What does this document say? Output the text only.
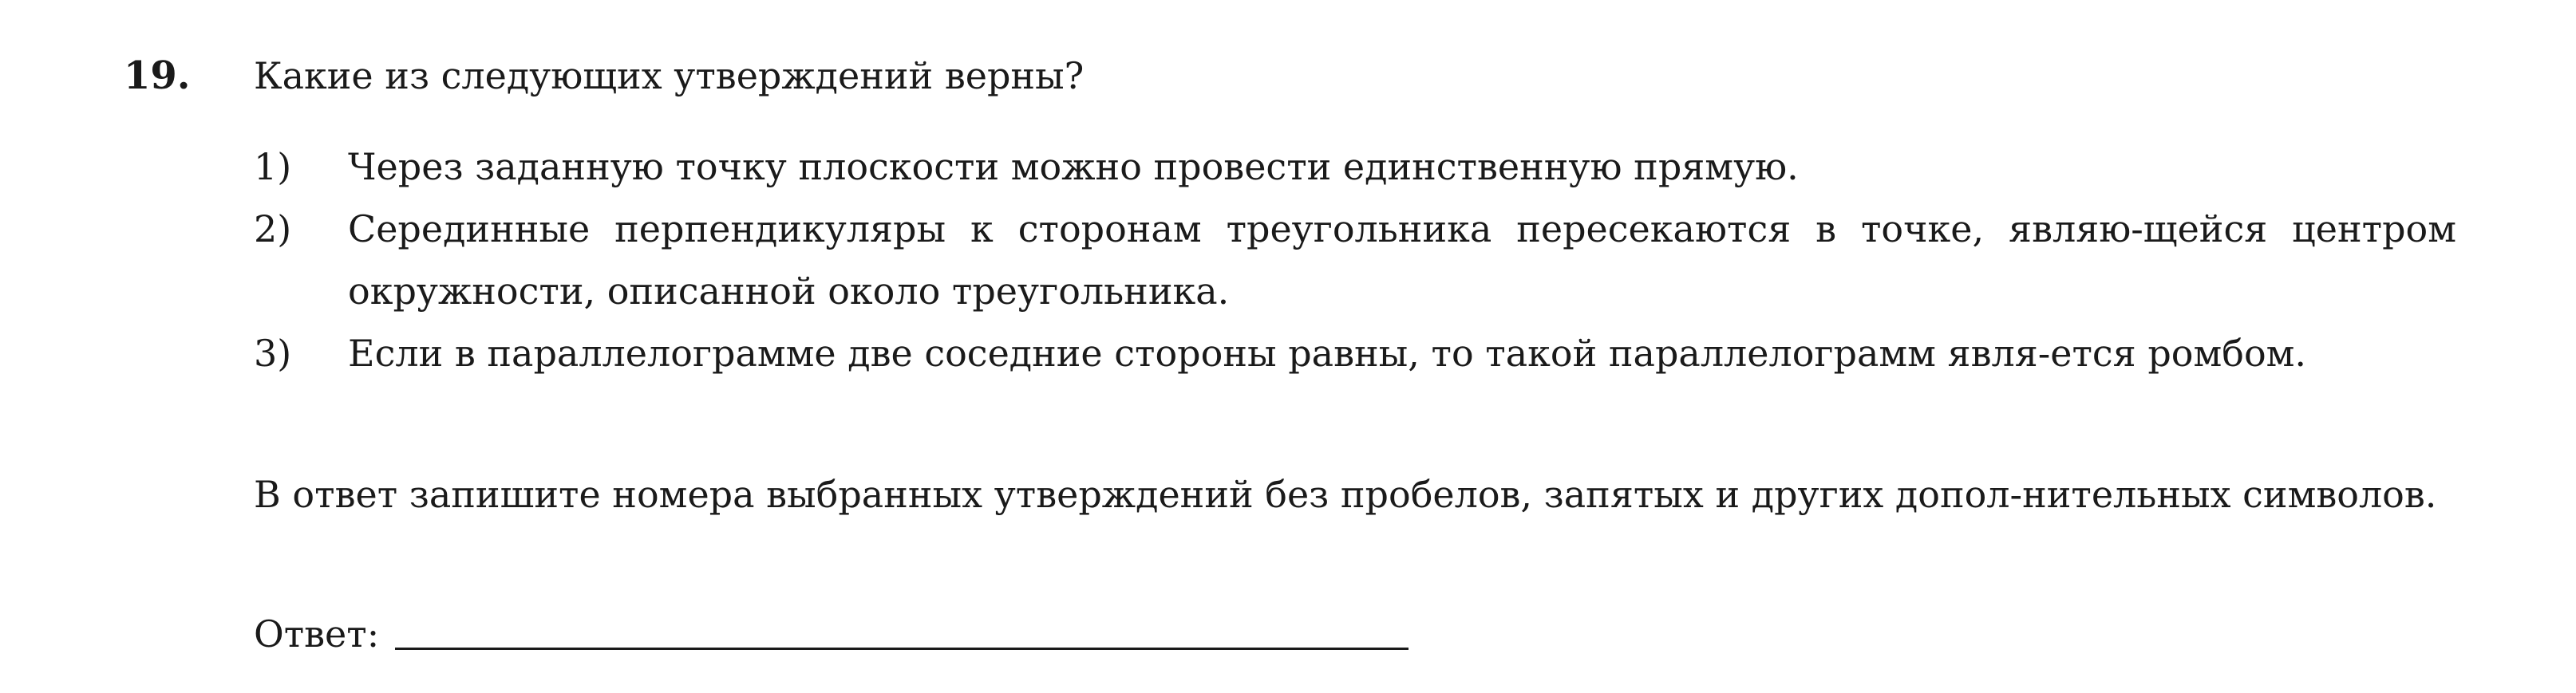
19. Какие из следующих утверждений верны?
1)	Через заданную точку плоскости можно провести единственную прямую.
2)	Серединные перпендикуляры к сторонам треугольника пересекаются в точке, являю-щейся центром окружности, описанной около треугольника.
3)	Если в параллелограмме две соседние стороны равны, то такой параллелограмм явля-ется ромбом.
В ответ запишите номера выбранных утверждений без пробелов, запятых и других допол-нительных символов.
Ответ:
